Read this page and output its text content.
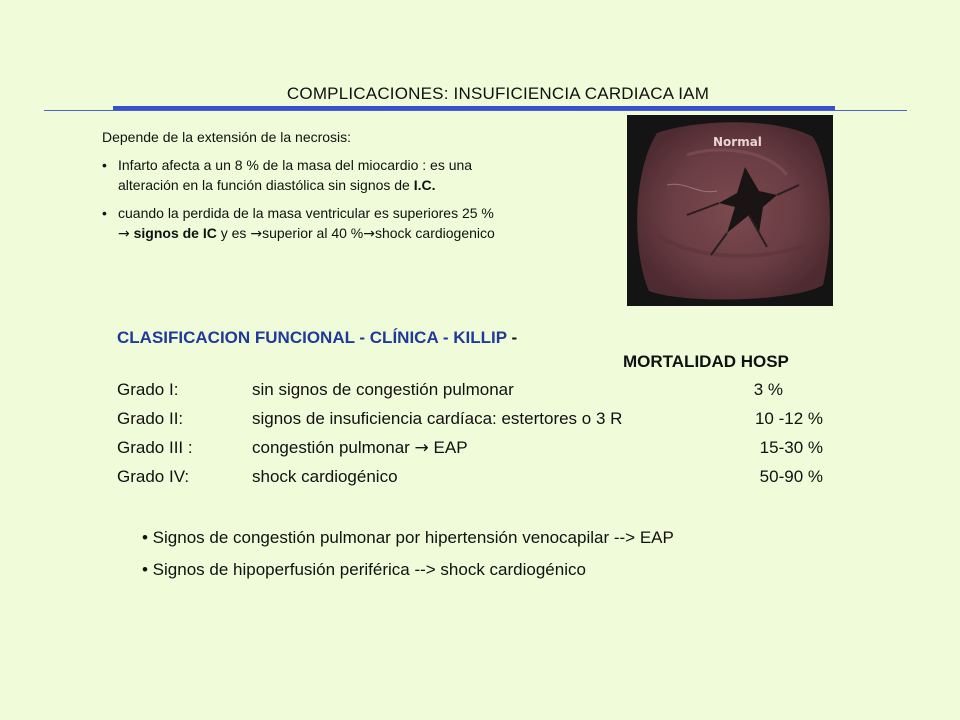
COMPLICACIONES: INSUFICIENCIA CARDIACA IAM
Depende de la extensión de la necrosis:
• Infarto afecta a un 8 % de la masa del miocardio : es una
alteración en la función diastólica sin signos de I.C.
• cuando la perdida de la masa ventricular es superiores 25 %
→ signos de IC y es →superior al 40 %→shock cardiogenico
Normal
CLASIFICACION FUNCIONAL - CLÍNICA - KILLIP -
MORTALIDAD HOSP
Grado I:	sin signos de congestión pulmonar	3 %
Grado II:	signos de insuficiencia cardíaca: estertores o 3 R	10 -12 %
Grado III :	congestión pulmonar → EAP	15-30 %
Grado IV:	shock cardiogénico	50-90 %
• Signos de congestión pulmonar por hipertensión venocapilar --> EAP
• Signos de hipoperfusión periférica --> shock cardiogénico
